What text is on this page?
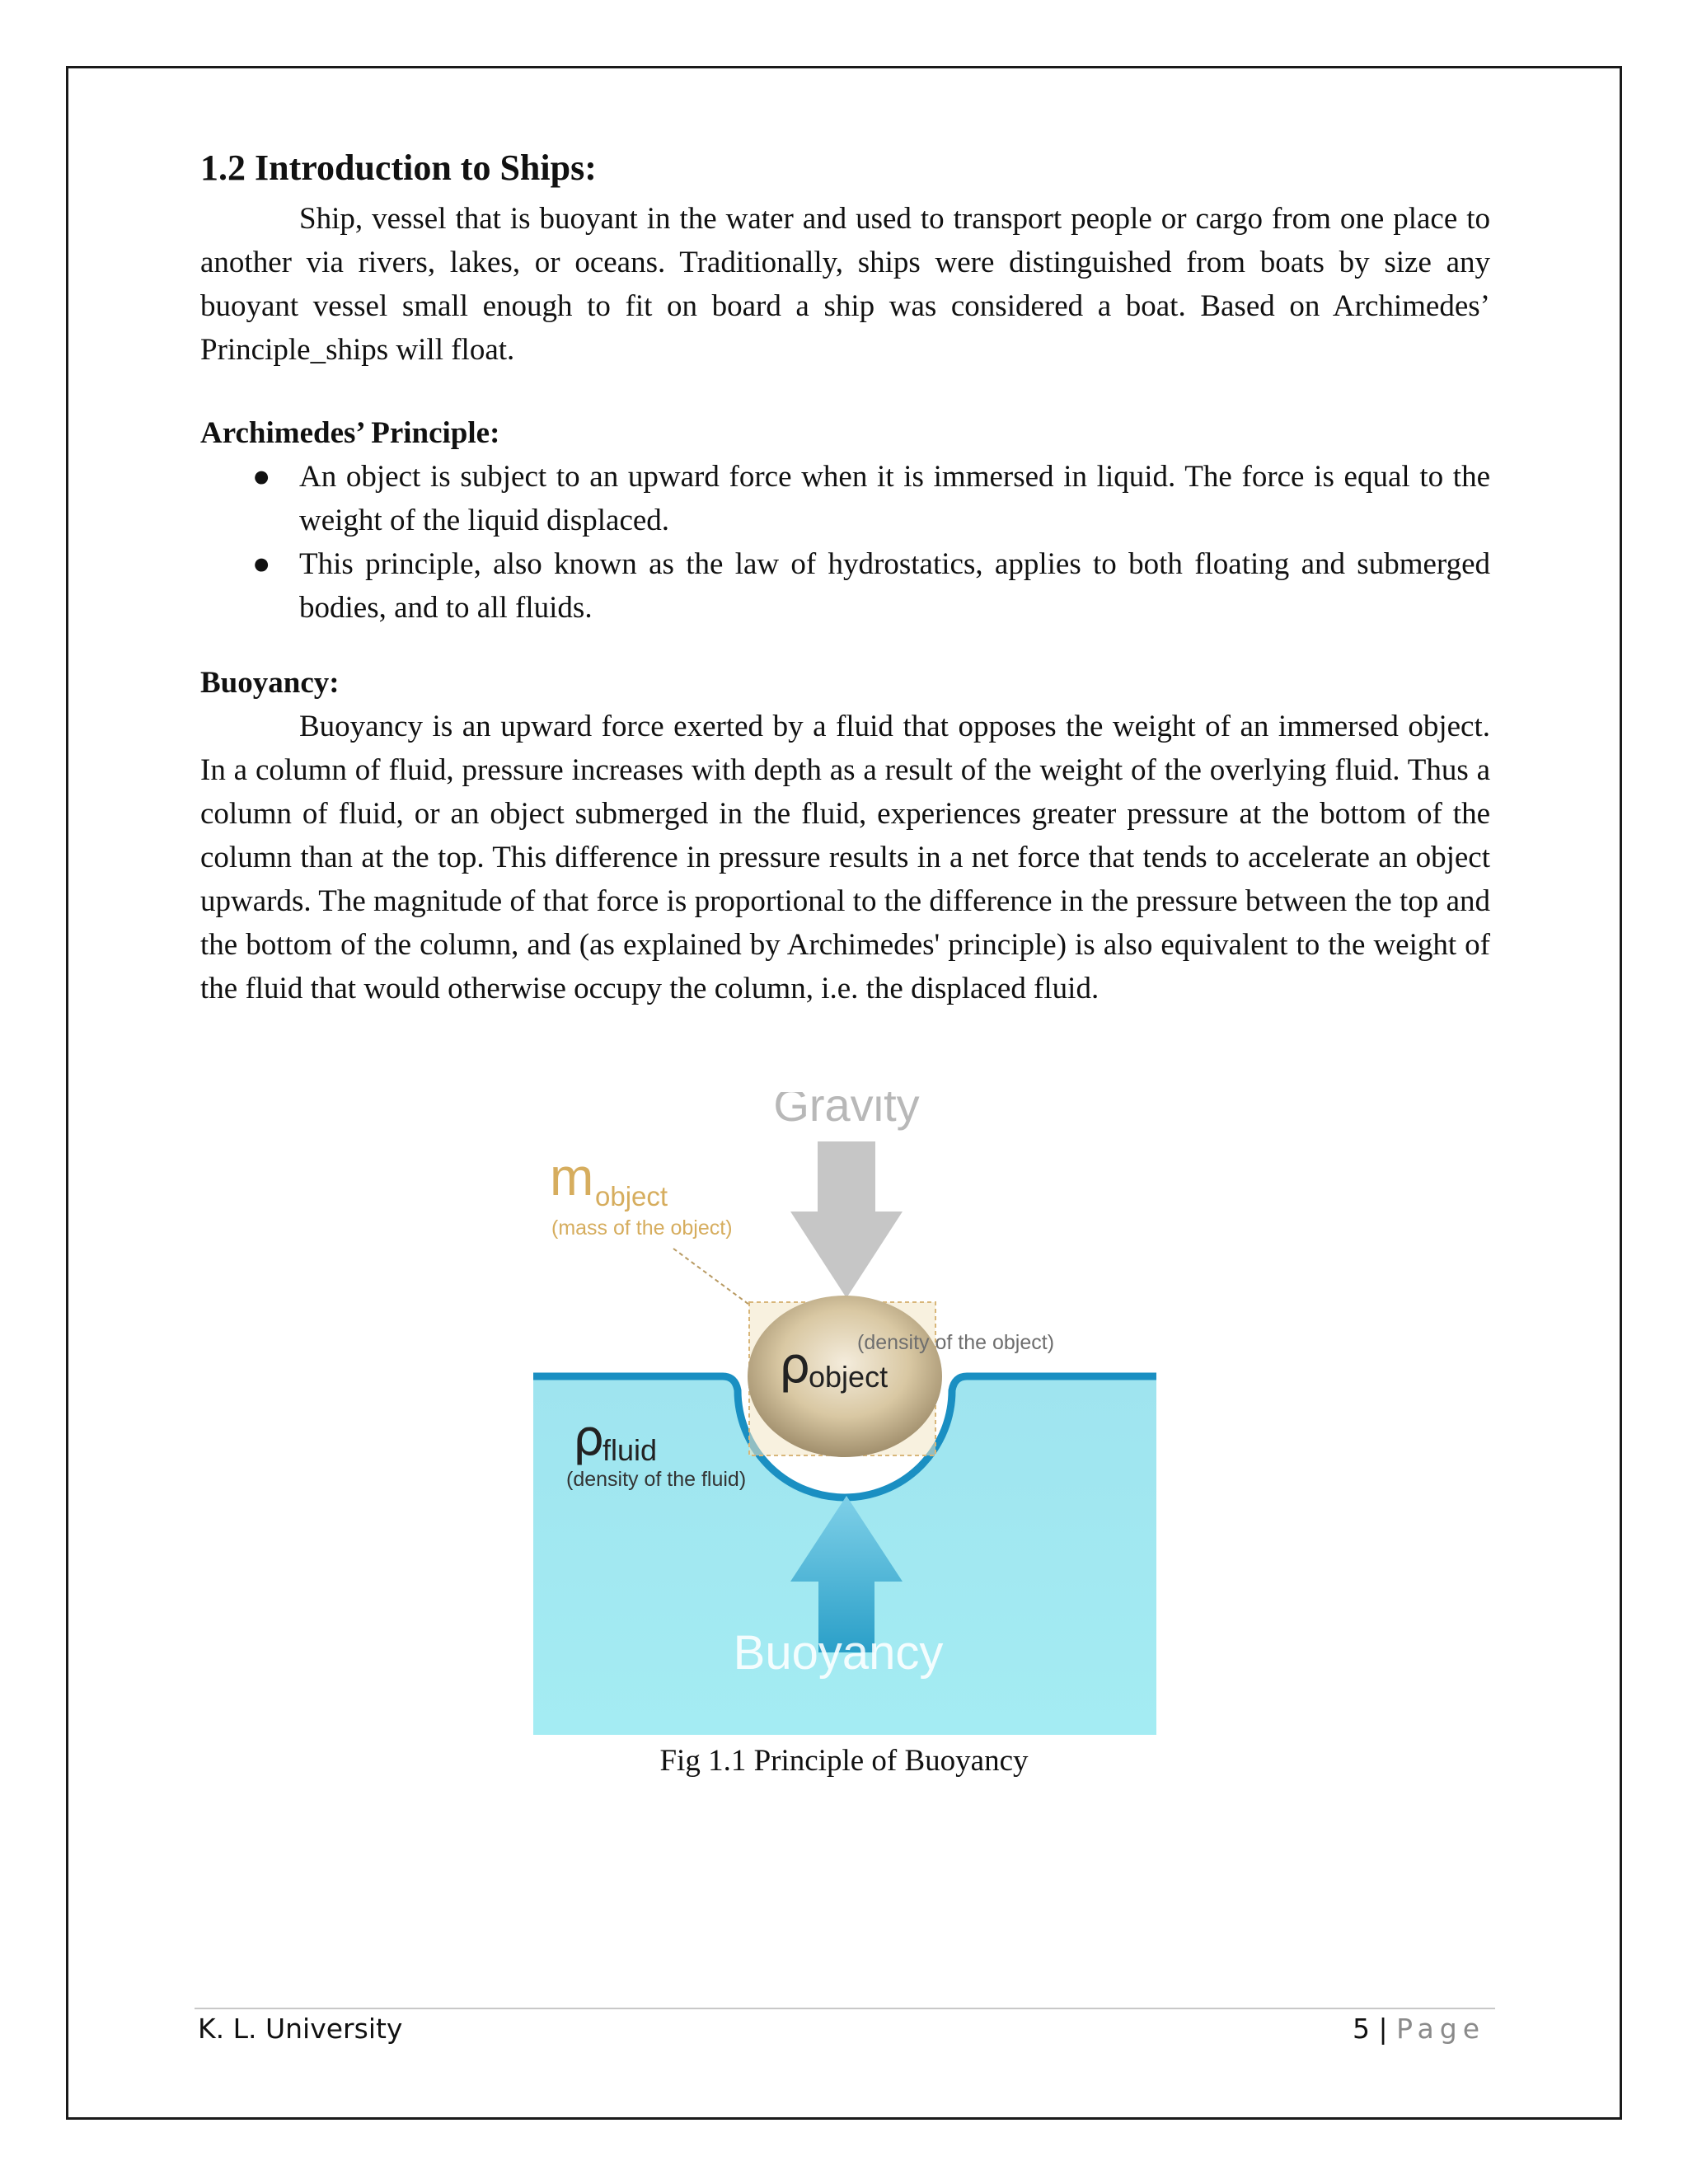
1.2 Introduction to Ships:

Ship, vessel that is buoyant in the water and used to transport people or cargo from one place to another via rivers, lakes, or oceans. Traditionally, ships were distinguished from boats by size any buoyant vessel small enough to fit on board a ship was considered a boat. Based on Archimedes’ Principle_ships will float.

Archimedes’ Principle:
● An object is subject to an upward force when it is immersed in liquid. The force is equal to the weight of the liquid displaced.
● This principle, also known as the law of hydrostatics, applies to both floating and submerged bodies, and to all fluids.
Buoyancy:

Buoyancy is an upward force exerted by a fluid that opposes the weight of an immersed object. In a column of fluid, pressure increases with depth as a result of the weight of the overlying fluid. Thus a column of fluid, or an object submerged in the fluid, experiences greater pressure at the bottom of the column than at the top. This difference in pressure results in a net force that tends to accelerate an object upwards. The magnitude of that force is proportional to the difference in the pressure between the top and the bottom of the column, and (as explained by Archimedes' principle) is also equivalent to the weight of the fluid that would otherwise occupy the column, i.e. the displaced fluid.

Gravity
m object
(mass of the object)
ρ
object
(density of the object)
ρ
fluid
(density of the fluid)
Buoyancy
Fig 1.1 Principle of Buoyancy
K. L. University	5 | Page
